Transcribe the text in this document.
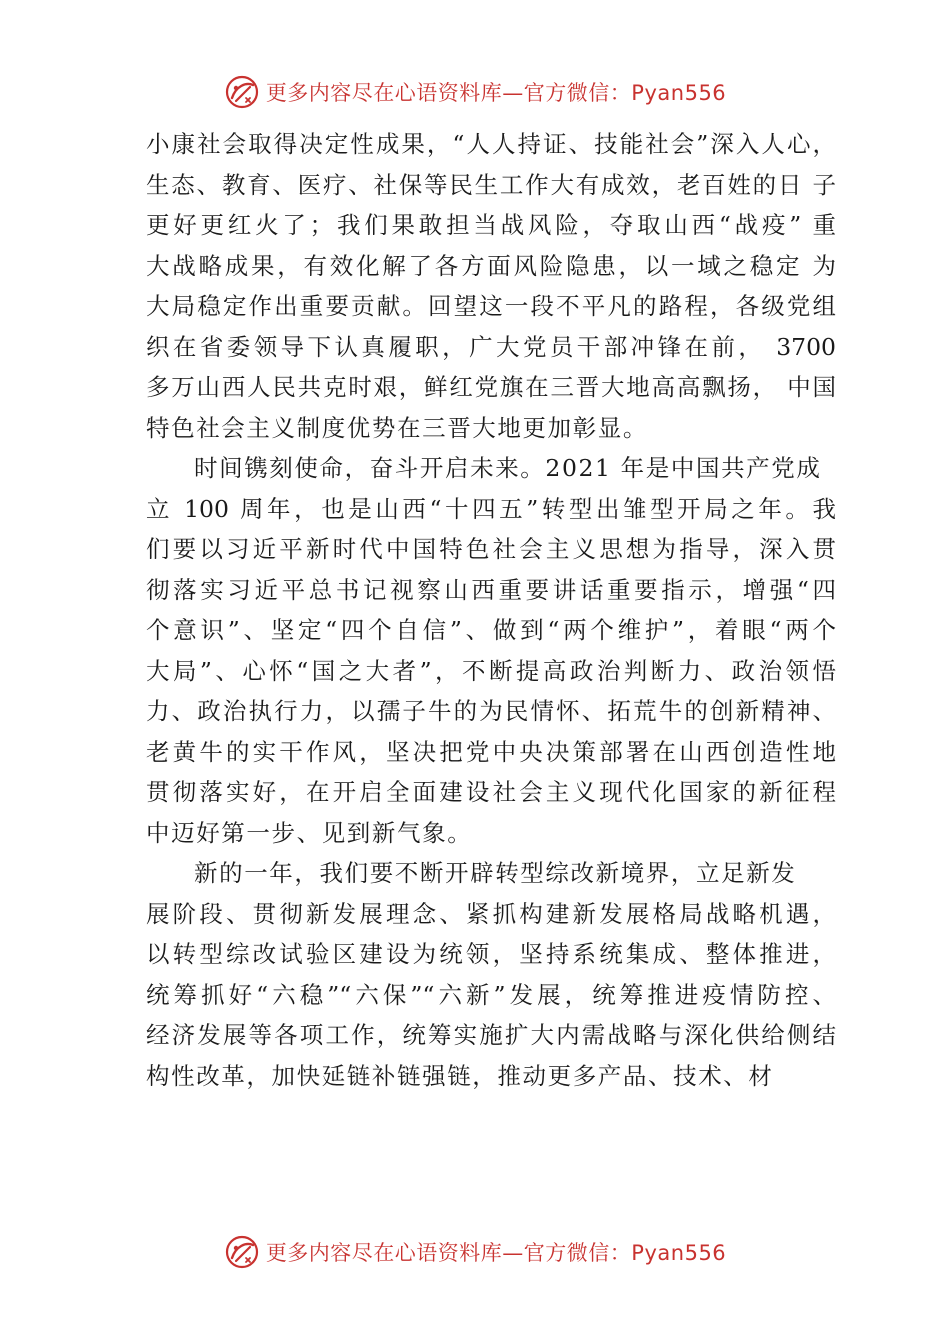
更多内容尽在心语资料库—官方微信：Pyan556
小康社会取得决定性成果，“人人持证、技能社会”深入人心，
生态、教育、医疗、社保等民生工作大有成效，老百姓的日 子
更好更红火了；我们果敢担当战风险，夺取山西“战疫” 重
大战略成果，有效化解了各方面风险隐患，以一域之稳定 为
大局稳定作出重要贡献。回望这一段不平凡的路程，各级党组
织在省委领导下认真履职，广大党员干部冲锋在前， 3700
多万山西人民共克时艰，鲜红党旗在三晋大地高高飘扬， 中国
特色社会主义制度优势在三晋大地更加彰显。
时间镌刻使命，奋斗开启未来。2021 年是中国共产党成
立 100 周年，也是山西“十四五”转型出雏型开局之年。我
们要以习近平新时代中国特色社会主义思想为指导，深入贯
彻落实习近平总书记视察山西重要讲话重要指示，增强“四
个意识”、坚定“四个自信”、做到“两个维护”，着眼“两个
大局”、心怀“国之大者”，不断提高政治判断力、政治领悟
力、政治执行力，以孺子牛的为民情怀、拓荒牛的创新精神、
老黄牛的实干作风，坚决把党中央决策部署在山西创造性地
贯彻落实好，在开启全面建设社会主义现代化国家的新征程
中迈好第一步、见到新气象。
新的一年，我们要不断开辟转型综改新境界，立足新发
展阶段、贯彻新发展理念、紧抓构建新发展格局战略机遇，
以转型综改试验区建设为统领，坚持系统集成、整体推进，
统筹抓好“六稳”“六保”“六新”发展，统筹推进疫情防控、
经济发展等各项工作，统筹实施扩大内需战略与深化供给侧结
构性改革，加快延链补链强链，推动更多产品、技术、材
更多内容尽在心语资料库—官方微信：Pyan556
